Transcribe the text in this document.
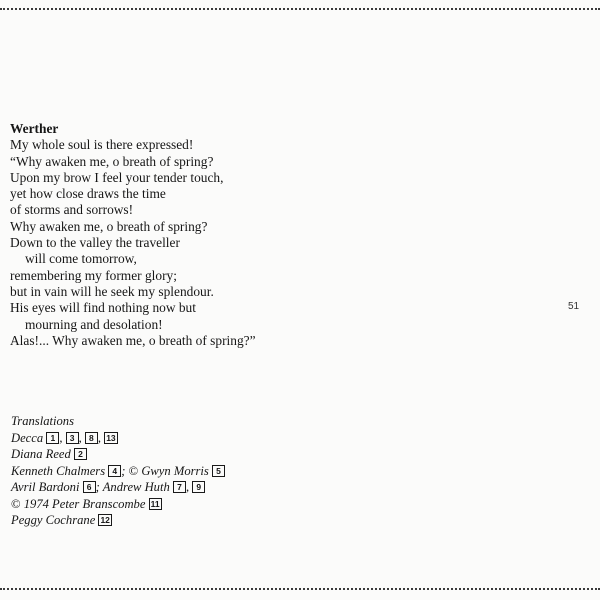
Werther
My whole soul is there expressed!
“Why awaken me, o breath of spring?
Upon my brow I feel your tender touch,
yet how close draws the time
of storms and sorrows!
Why awaken me, o breath of spring?
Down to the valley the traveller
will come tomorrow,
remembering my former glory;
but in vain will he seek my splendour.
His eyes will find nothing now but
mourning and desolation!
Alas!... Why awaken me, o breath of spring?”
51
Translations
Decca 1 , 3 , 8 , 13
Diana Reed 2
Kenneth Chalmers 4 ; © Gwyn Morris 5
Avril Bardoni 6 ; Andrew Huth 7 , 9
© 1974 Peter Branscombe 11
Peggy Cochrane 12
